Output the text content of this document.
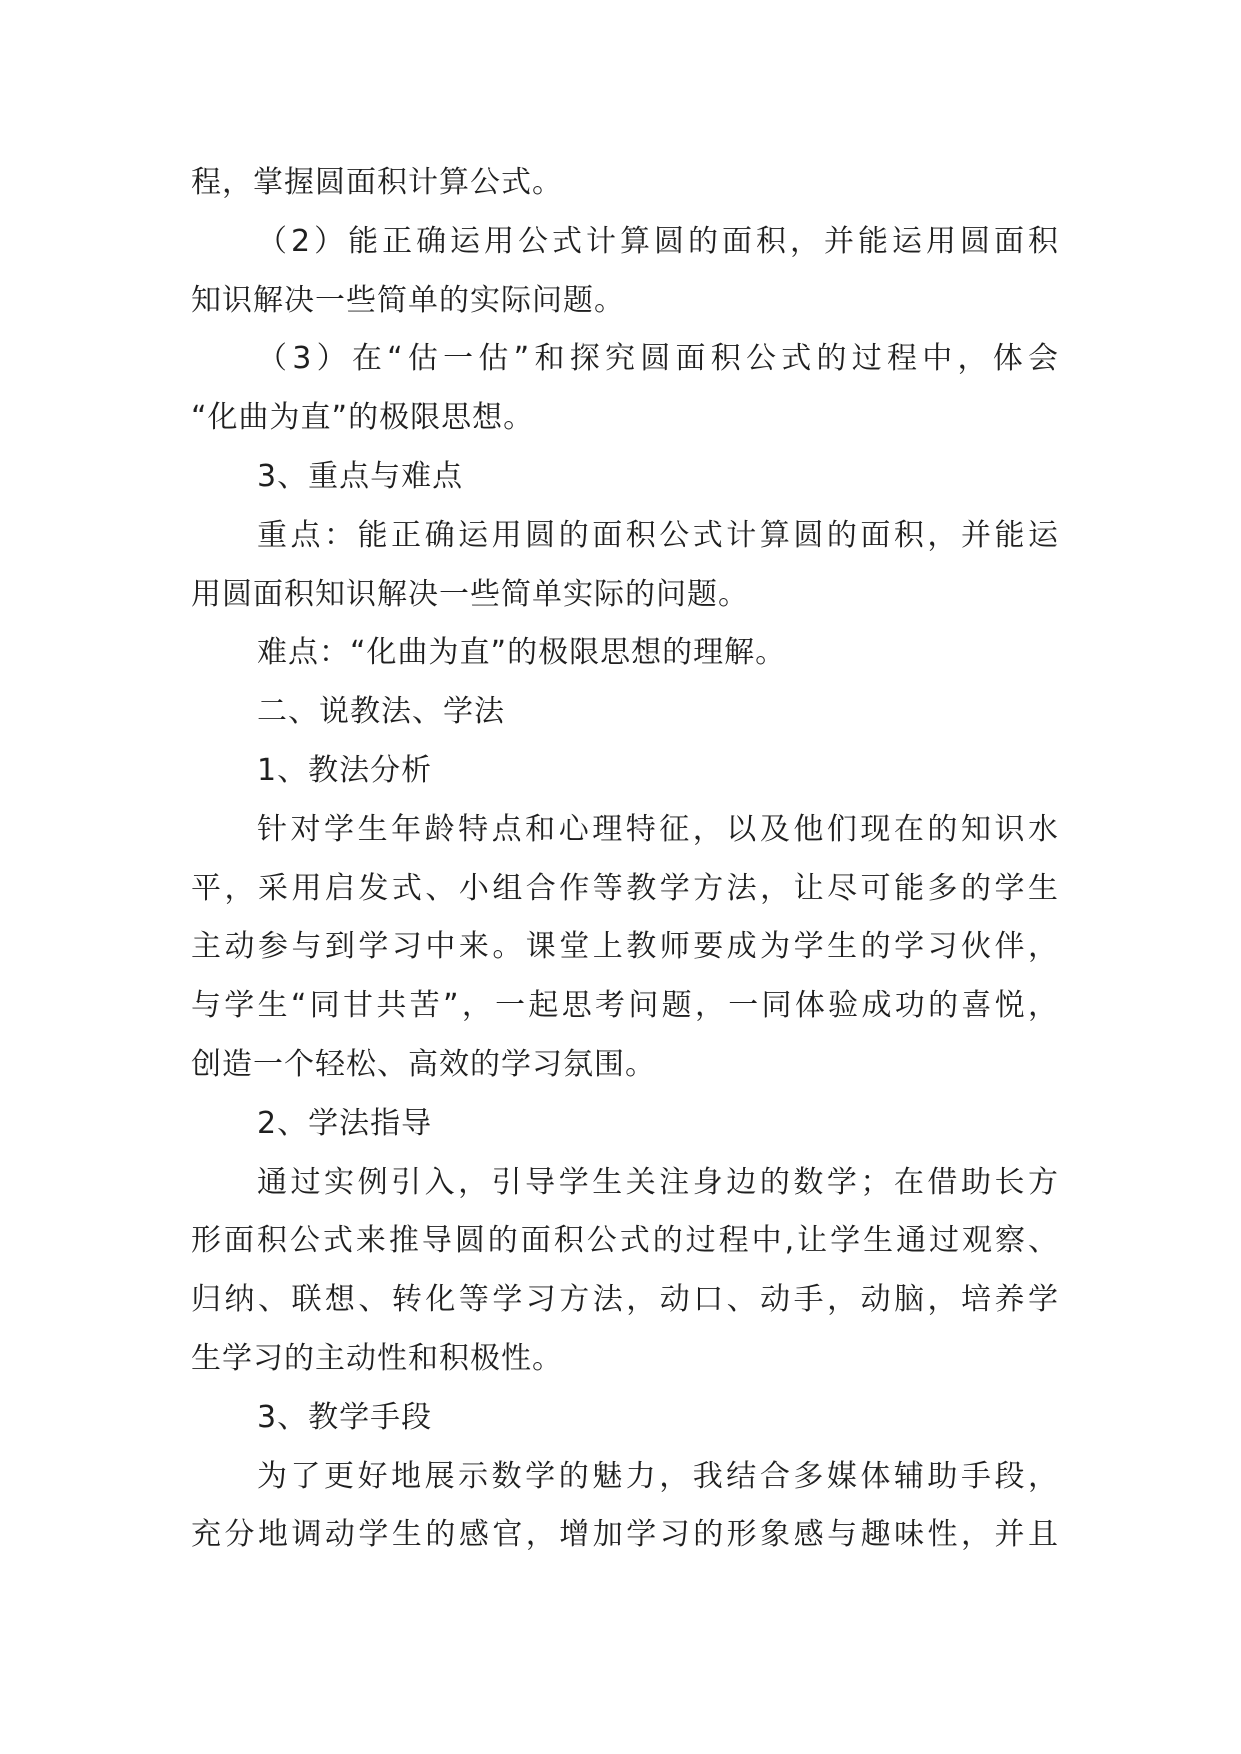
程，掌握圆面积计算公式。
（2）能正确运用公式计算圆的面积，并能运用圆面积
知识解决一些简单的实际问题。
（3）在“估一估”和探究圆面积公式的过程中，体会
“化曲为直”的极限思想。
3、重点与难点
重点：能正确运用圆的面积公式计算圆的面积，并能运
用圆面积知识解决一些简单实际的问题。
难点：“化曲为直”的极限思想的理解。
二、说教法、学法
1、教法分析
针对学生年龄特点和心理特征，以及他们现在的知识水
平，采用启发式、小组合作等教学方法，让尽可能多的学生
主动参与到学习中来。课堂上教师要成为学生的学习伙伴，
与学生“同甘共苦”，一起思考问题，一同体验成功的喜悦，
创造一个轻松、高效的学习氛围。
2、学法指导
通过实例引入，引导学生关注身边的数学；在借助长方
形面积公式来推导圆的面积公式的过程中,让学生通过观察、
归纳、联想、转化等学习方法，动口、动手，动脑，培养学
生学习的主动性和积极性。
3、教学手段
为了更好地展示数学的魅力，我结合多媒体辅助手段，
充分地调动学生的感官，增加学习的形象感与趣味性，并且
